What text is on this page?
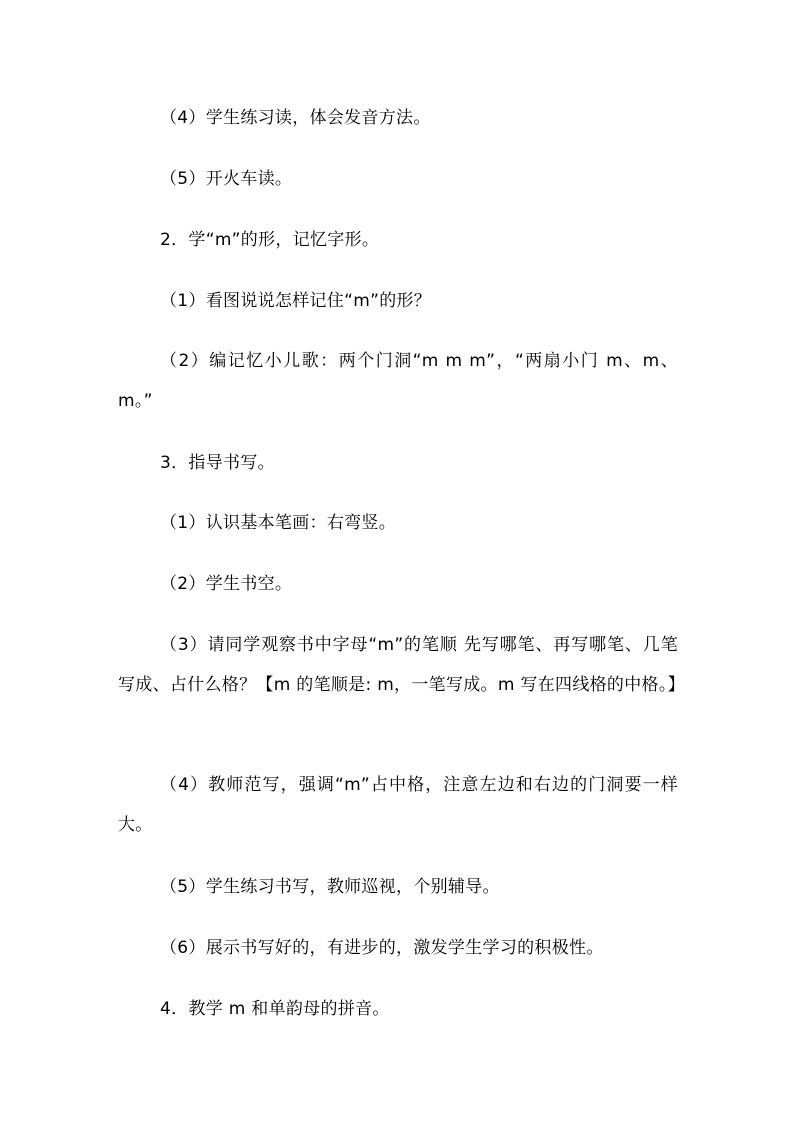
（4）学生练习读，体会发音方法。
（5）开火车读。
2．学“m”的形，记忆字形。
（1）看图说说怎样记住“m”的形？
（2）编记忆小儿歌：两个门洞“m m m”，“两扇小门 m、m、m。”
3．指导书写。
（1）认识基本笔画：右弯竖。
（2）学生书空。
（3）请同学观察书中字母“m”的笔顺 先写哪笔、再写哪笔、几笔写成、占什么格？【m 的笔顺是: m，一笔写成。m 写在四线格的中格。】
（4）教师范写，强调“m”占中格，注意左边和右边的门洞要一样大。
（5）学生练习书写，教师巡视，个别辅导。
（6）展示书写好的，有进步的，激发学生学习的积极性。
4．教学 m 和单韵母的拼音。
